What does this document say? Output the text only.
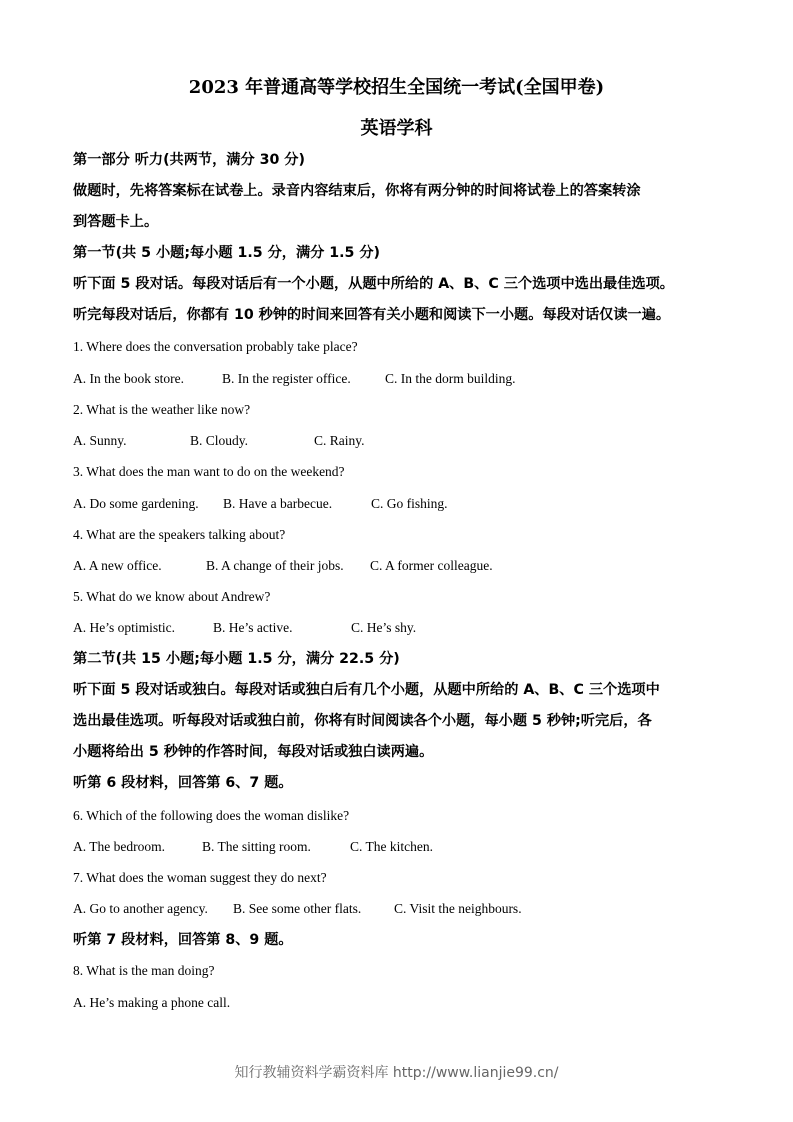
2023 年普通高等学校招生全国统一考试(全国甲卷)
英语学科
第一部分 听力(共两节，满分 30 分)
做题时，先将答案标在试卷上。录音内容结束后，你将有两分钟的时间将试卷上的答案转涂
到答题卡上。
第一节(共 5 小题;每小题 1.5 分，满分 1.5 分)
听下面 5 段对话。每段对话后有一个小题，从题中所给的 A、B、C 三个选项中选出最佳选项。
听完每段对话后，你都有 10 秒钟的时间来回答有关小题和阅读下一小题。每段对话仅读一遍。
1. Where does the conversation probably take place?
A. In the book store.	B. In the register office.	C. In the dorm building.
2. What is the weather like now?
A. Sunny.	B. Cloudy.	C. Rainy.
3. What does the man want to do on the weekend?
A. Do some gardening. B. Have a barbecue.	C. Go fishing.
4. What are the speakers talking about?
A. A new office.	B. A change of their jobs. C. A former colleague.
5. What do we know about Andrew?
A. He’s optimistic.	B. He’s active.	C. He’s shy.
第二节(共 15 小题;每小题 1.5 分，满分 22.5 分)
听下面 5 段对话或独白。每段对话或独白后有几个小题，从题中所给的 A、B、C 三个选项中
选出最佳选项。听每段对话或独白前，你将有时间阅读各个小题，每小题 5 秒钟;听完后，各
小题将给出 5 秒钟的作答时间，每段对话或独白读两遍。
听第 6 段材料，回答第 6、7 题。
6. Which of the following does the woman dislike?
A. The bedroom.	B. The sitting room.	C. The kitchen.
7. What does the woman suggest they do next?
A. Go to another agency. B. See some other flats. C. Visit the neighbours.
听第 7 段材料，回答第 8、9 题。
8. What is the man doing?
A. He’s making a phone call.
知行教辅资料学霸资料库 http://www.lianjie99.cn/
